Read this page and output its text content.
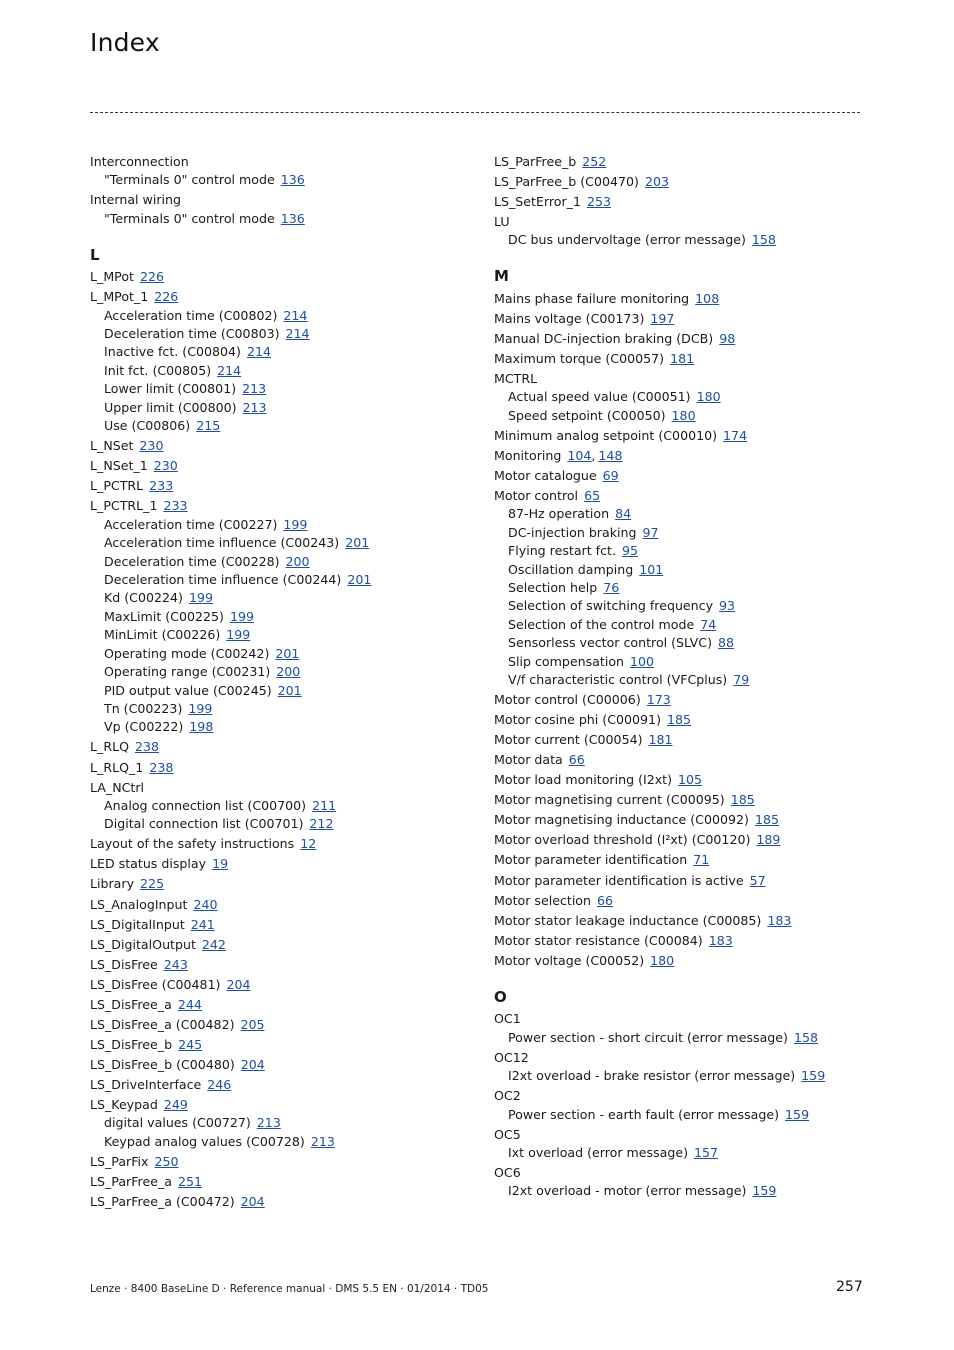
Index
Interconnection
"Terminals 0" control mode 136
Internal wiring
"Terminals 0" control mode 136
L
L_MPot 226
L_MPot_1 226
Acceleration time (C00802) 214
Deceleration time (C00803) 214
Inactive fct. (C00804) 214
Init fct. (C00805) 214
Lower limit (C00801) 213
Upper limit (C00800) 213
Use (C00806) 215
L_NSet 230
L_NSet_1 230
L_PCTRL 233
L_PCTRL_1 233
Acceleration time (C00227) 199
Acceleration time influence (C00243) 201
Deceleration time (C00228) 200
Deceleration time influence (C00244) 201
Kd (C00224) 199
MaxLimit (C00225) 199
MinLimit (C00226) 199
Operating mode (C00242) 201
Operating range (C00231) 200
PID output value (C00245) 201
Tn (C00223) 199
Vp (C00222) 198
L_RLQ 238
L_RLQ_1 238
LA_NCtrl
Analog connection list (C00700) 211
Digital connection list (C00701) 212
Layout of the safety instructions 12
LED status display 19
Library 225
LS_AnalogInput 240
LS_DigitalInput 241
LS_DigitalOutput 242
LS_DisFree 243
LS_DisFree (C00481) 204
LS_DisFree_a 244
LS_DisFree_a (C00482) 205
LS_DisFree_b 245
LS_DisFree_b (C00480) 204
LS_DriveInterface 246
LS_Keypad 249
digital values (C00727) 213
Keypad analog values (C00728) 213
LS_ParFix 250
LS_ParFree_a 251
LS_ParFree_a (C00472) 204
LS_ParFree_b 252
LS_ParFree_b (C00470) 203
LS_SetError_1 253
LU
DC bus undervoltage (error message) 158
M
Mains phase failure monitoring 108
Mains voltage (C00173) 197
Manual DC-injection braking (DCB) 98
Maximum torque (C00057) 181
MCTRL
Actual speed value (C00051) 180
Speed setpoint (C00050) 180
Minimum analog setpoint (C00010) 174
Monitoring 104, 148
Motor catalogue 69
Motor control 65
87-Hz operation 84
DC-injection braking 97
Flying restart fct. 95
Oscillation damping 101
Selection help 76
Selection of switching frequency 93
Selection of the control mode 74
Sensorless vector control (SLVC) 88
Slip compensation 100
V/f characteristic control (VFCplus) 79
Motor control (C00006) 173
Motor cosine phi (C00091) 185
Motor current (C00054) 181
Motor data 66
Motor load monitoring (I2xt) 105
Motor magnetising current (C00095) 185
Motor magnetising inductance (C00092) 185
Motor overload threshold (I²xt) (C00120) 189
Motor parameter identification 71
Motor parameter identification is active 57
Motor selection 66
Motor stator leakage inductance (C00085) 183
Motor stator resistance (C00084) 183
Motor voltage (C00052) 180
O
OC1
Power section - short circuit (error message) 158
OC12
I2xt overload - brake resistor (error message) 159
OC2
Power section - earth fault (error message) 159
OC5
Ixt overload (error message) 157
OC6
I2xt overload - motor (error message) 159
Lenze · 8400 BaseLine D · Reference manual · DMS 5.5 EN · 01/2014 · TD05	257
